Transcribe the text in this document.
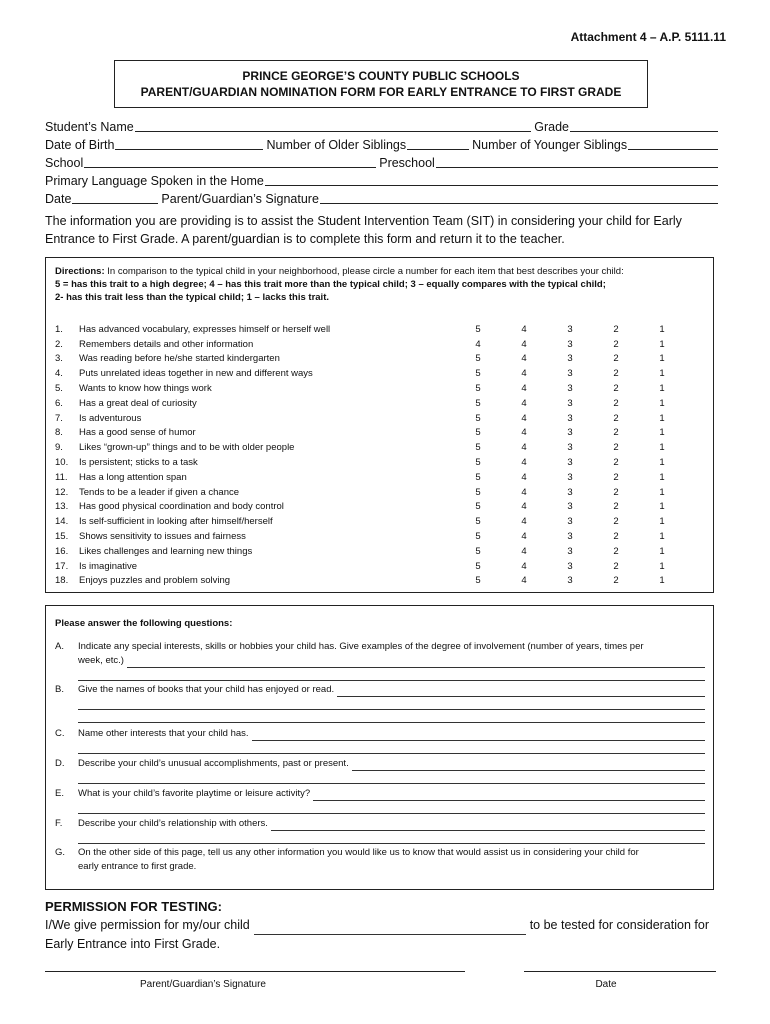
Attachment 4 – A.P. 5111.11
PRINCE GEORGE’S COUNTY PUBLIC SCHOOLS
PARENT/GUARDIAN NOMINATION FORM FOR EARLY ENTRANCE TO FIRST GRADE
Student’s Name	Grade
Date of Birth	Number of Older Siblings	Number of Younger Siblings
School	Preschool
Primary Language Spoken in the Home
Date	Parent/Guardian’s Signature
The information you are providing is to assist the Student Intervention Team (SIT) in considering your child for Early Entrance to First Grade. A parent/guardian is to complete this form and return it to the teacher.
Directions: In comparison to the typical child in your neighborhood, please circle a number for each item that best describes your child:
5 = has this trait to a high degree; 4 – has this trait more than the typical child; 3 – equally compares with the typical child;
2- has this trait less than the typical child; 1 – lacks this trait.
1.	Has advanced vocabulary, expresses himself or herself well	5	4	3	2	1
2.	Remembers details and other information	4	4	3	2	1
3.	Was reading before he/she started kindergarten	5	4	3	2	1
4.	Puts unrelated ideas together in new and different ways	5	4	3	2	1
5.	Wants to know how things work	5	4	3	2	1
6.	Has a great deal of curiosity	5	4	3	2	1
7.	Is adventurous	5	4	3	2	1
8.	Has a good sense of humor	5	4	3	2	1
9.	Likes “grown-up” things and to be with older people	5	4	3	2	1
10.	Is persistent; sticks to a task	5	4	3	2	1
11.	Has a long attention span	5	4	3	2	1
12.	Tends to be a leader if given a chance	5	4	3	2	1
13.	Has good physical coordination and body control	5	4	3	2	1
14.	Is self-sufficient in looking after himself/herself	5	4	3	2	1
15.	Shows sensitivity to issues and fairness	5	4	3	2	1
16.	Likes challenges and learning new things	5	4	3	2	1
17.	Is imaginative	5	4	3	2	1
18.	Enjoys puzzles and problem solving	5	4	3	2	1
Please answer the following questions:
A. Indicate any special interests, skills or hobbies your child has. Give examples of the degree of involvement (number of years, times per
week, etc.)
B. Give the names of books that your child has enjoyed or read.
C. Name other interests that your child has.
D. Describe your child’s unusual accomplishments, past or present.
E. What is your child’s favorite playtime or leisure activity?
F. Describe your child’s relationship with others.
G. On the other side of this page, tell us any other information you would like us to know that would assist us in considering your child for
early entrance to first grade.
PERMISSION FOR TESTING:
I/We give permission for my/our child	to be tested for consideration for
Early Entrance into First Grade.
Parent/Guardian’s Signature	Date
